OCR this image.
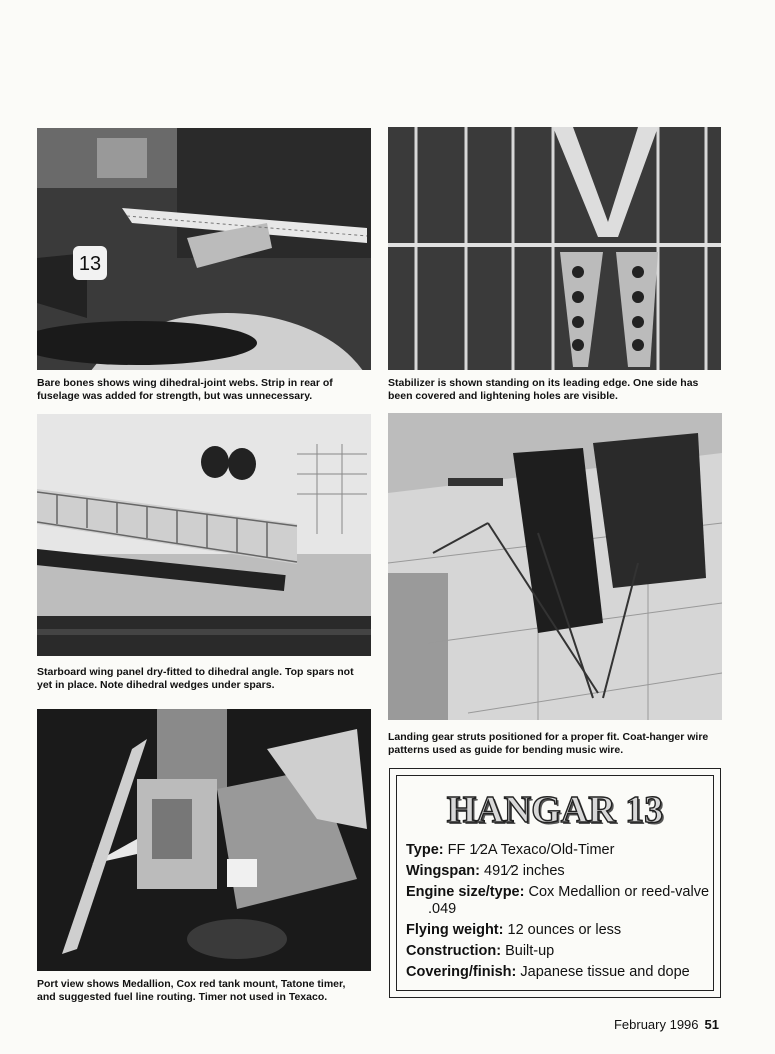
13
Bare bones shows wing dihedral-joint webs. Strip in rear of fuselage was added for strength, but was unnecessary.
Stabilizer is shown standing on its leading edge. One side has been covered and lightening holes are visible.
Starboard wing panel dry-fitted to dihedral angle. Top spars not yet in place. Note dihedral wedges under spars.
Landing gear struts positioned for a proper fit. Coat-hanger wire patterns used as guide for bending music wire.
Port view shows Medallion, Cox red tank mount, Tatone timer, and suggested fuel line routing. Timer not used in Texaco.
HANGAR 13
Type: FF 1⁄2A Texaco/Old-Timer
Wingspan: 491⁄2 inches
Engine size/type: Cox Medallion or reed-valve .049
Flying weight: 12 ounces or less
Construction: Built-up
Covering/finish: Japanese tissue and dope
February 1996 51
